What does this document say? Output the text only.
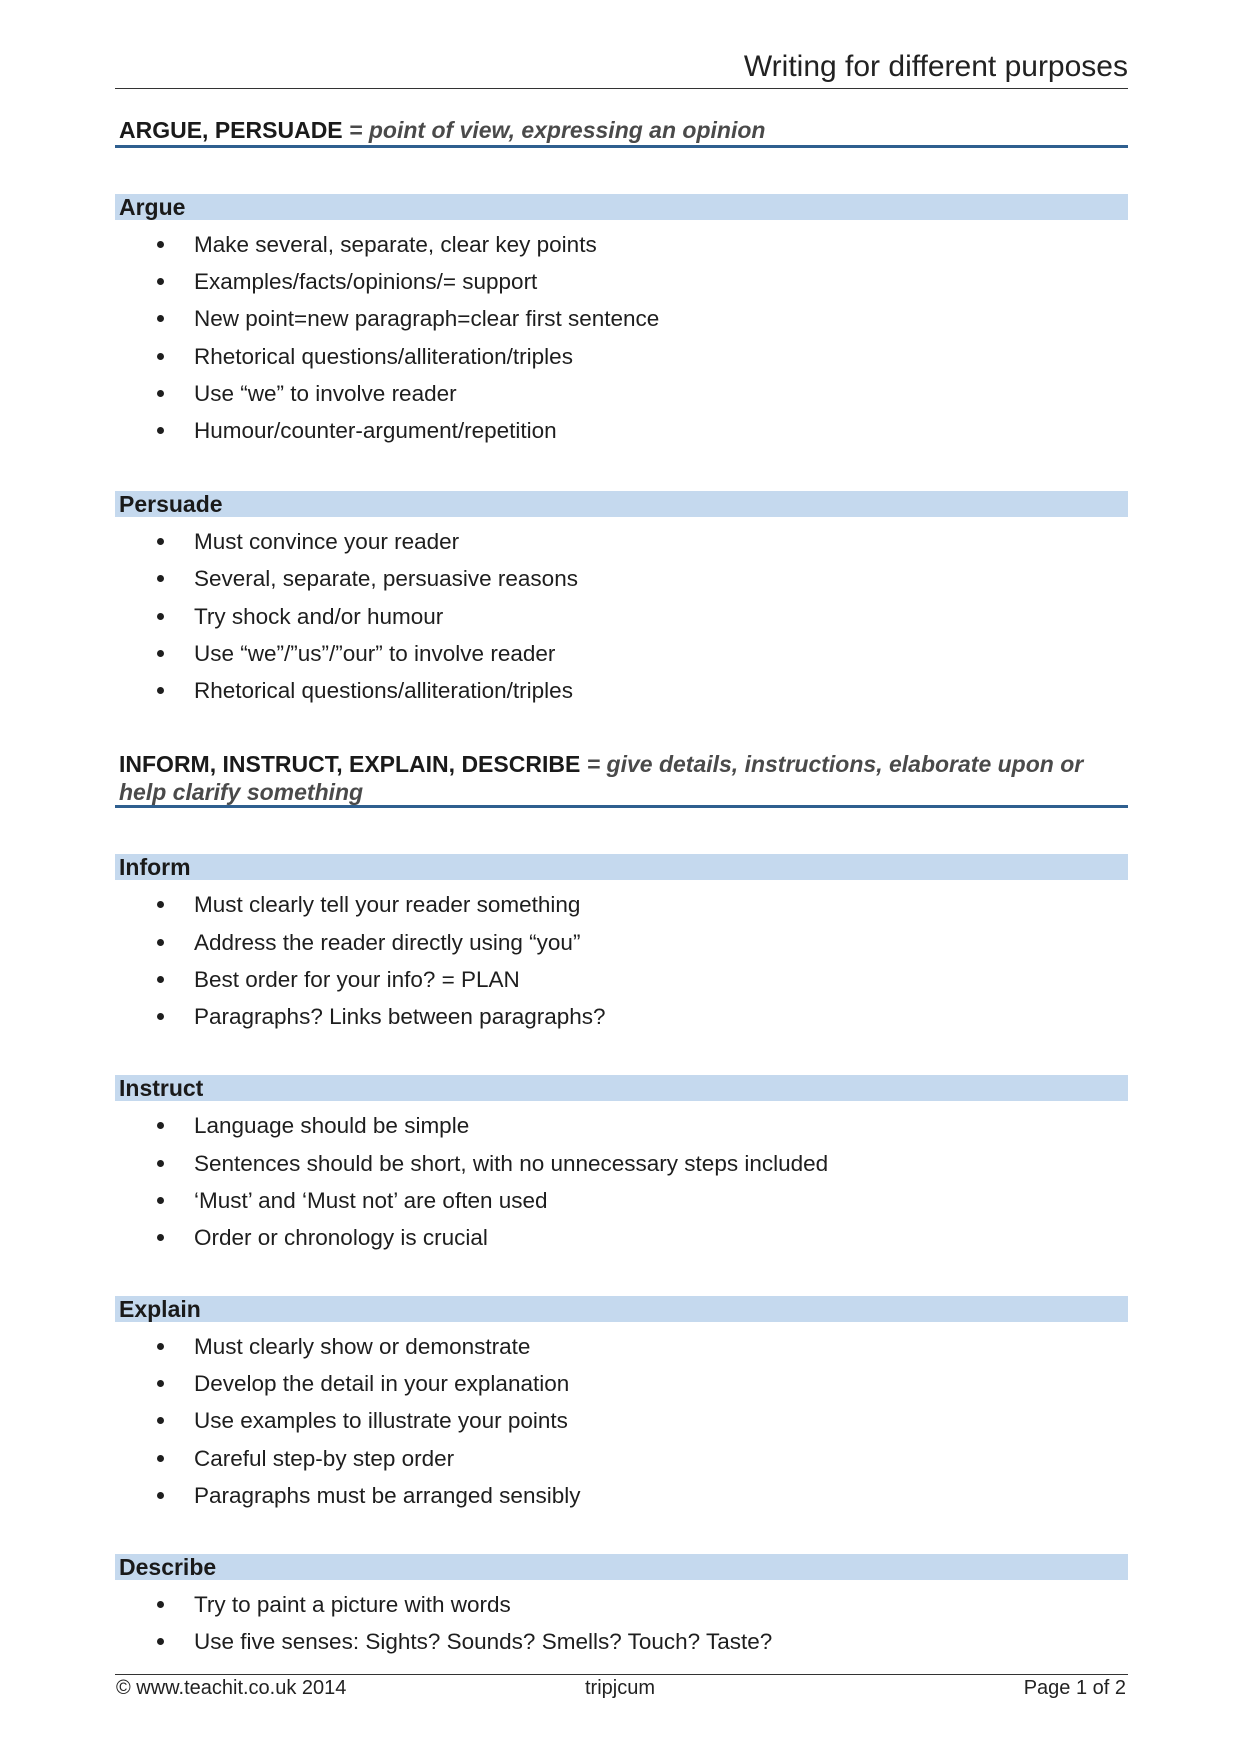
Writing for different purposes
ARGUE, PERSUADE = point of view, expressing an opinion
Argue
Make several, separate, clear key points
Examples/facts/opinions/= support
New point=new paragraph=clear first sentence
Rhetorical questions/alliteration/triples
Use “we” to involve reader
Humour/counter-argument/repetition
Persuade
Must convince your reader
Several, separate, persuasive reasons
Try shock and/or humour
Use “we”/”us”/”our” to involve reader
Rhetorical questions/alliteration/triples
INFORM, INSTRUCT, EXPLAIN, DESCRIBE = give details, instructions, elaborate upon or help clarify something
Inform
Must clearly tell your reader something
Address the reader directly using “you”
Best order for your info? = PLAN
Paragraphs? Links between paragraphs?
Instruct
Language should be simple
Sentences should be short, with no unnecessary steps included
‘Must’ and ‘Must not’ are often used
Order or chronology is crucial
Explain
Must clearly show or demonstrate
Develop the detail in your explanation
Use examples to illustrate your points
Careful step-by step order
Paragraphs must be arranged sensibly
Describe
Try to paint a picture with words
Use five senses: Sights? Sounds? Smells? Touch? Taste?
© www.teachit.co.uk 2014	tripjcum	Page 1 of 2
